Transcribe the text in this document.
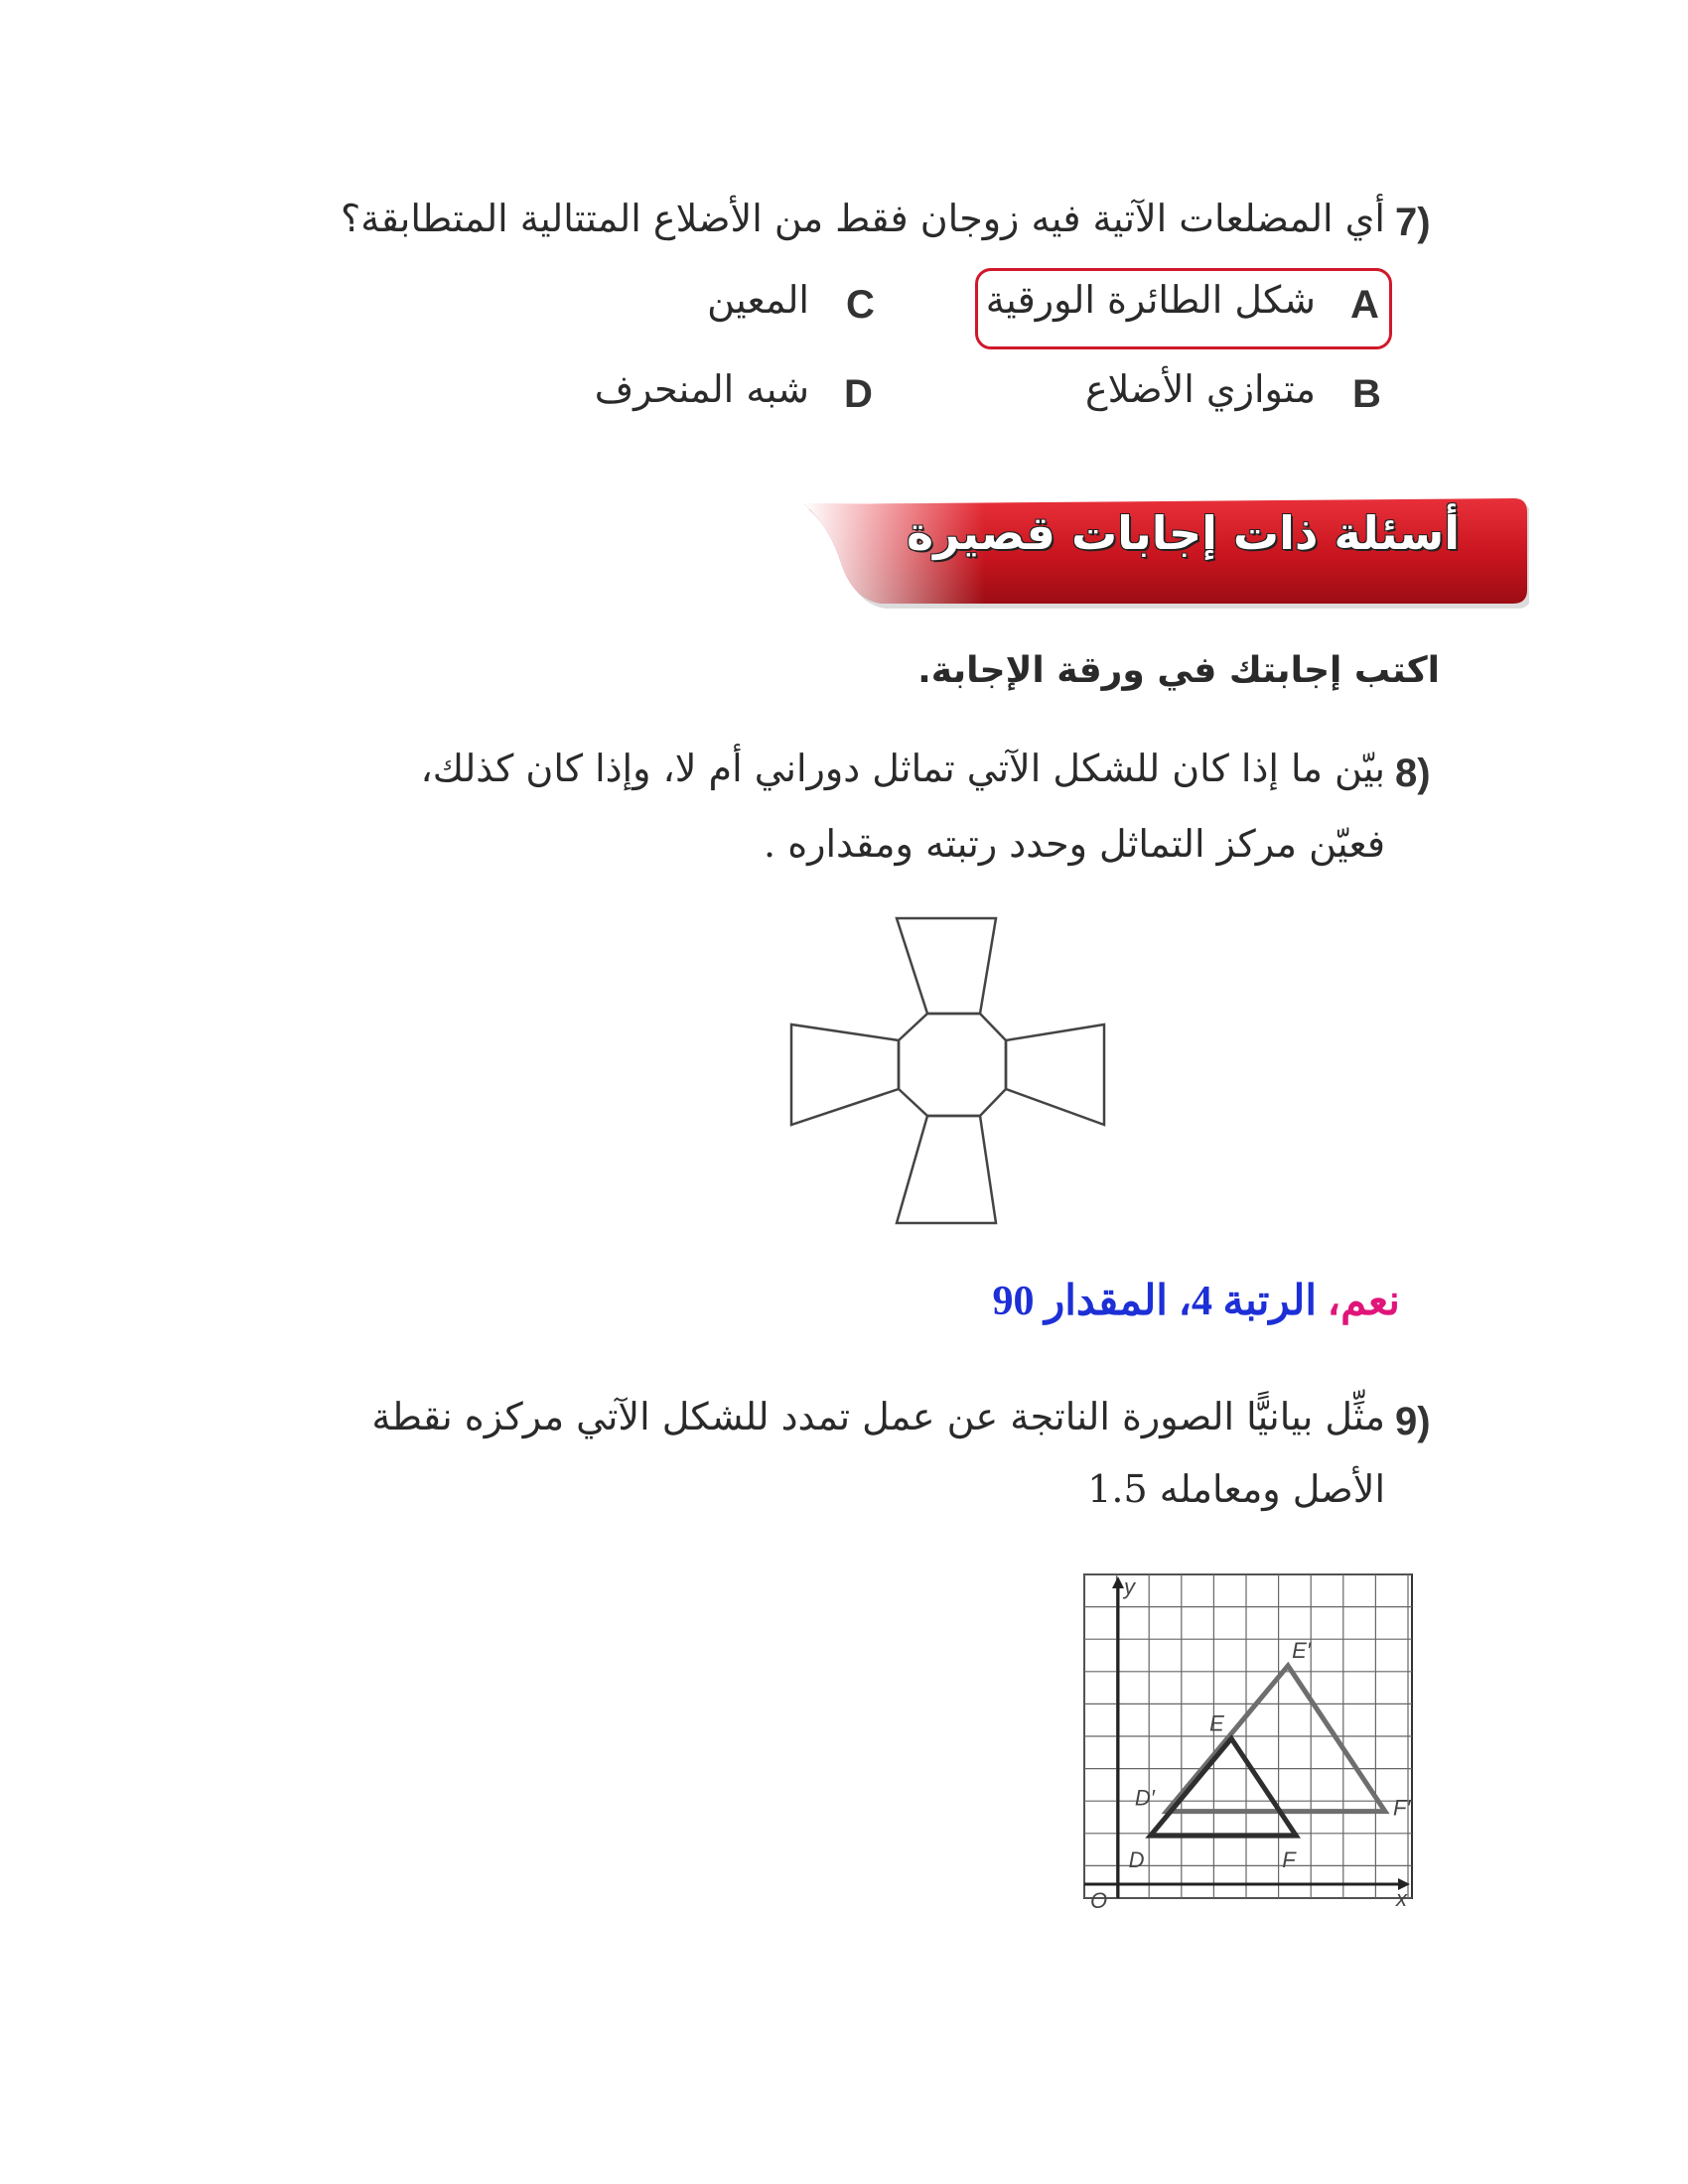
7)
أي المضلعات الآتية فيه زوجان فقط من الأضلاع المتتالية المتطابقة؟
A
شكل الطائرة الورقية
C
المعين
B
متوازي الأضلاع
D
شبه المنحرف
أسئلة ذات إجابات قصيرة
اكتب إجابتك في ورقة الإجابة.
8)
بيّن ما إذا كان للشكل الآتي تماثل دوراني أم لا، وإذا كان كذلك،
فعيّن مركز التماثل وحدد رتبته ومقداره .
نعم، الرتبة 4، المقدار 90
9)
مثِّل بيانيًّا الصورة الناتجة عن عمل تمدد للشكل الآتي مركزه نقطة
الأصل ومعامله 1.5
y
x
O
D
E
F
D′
E′
F′
